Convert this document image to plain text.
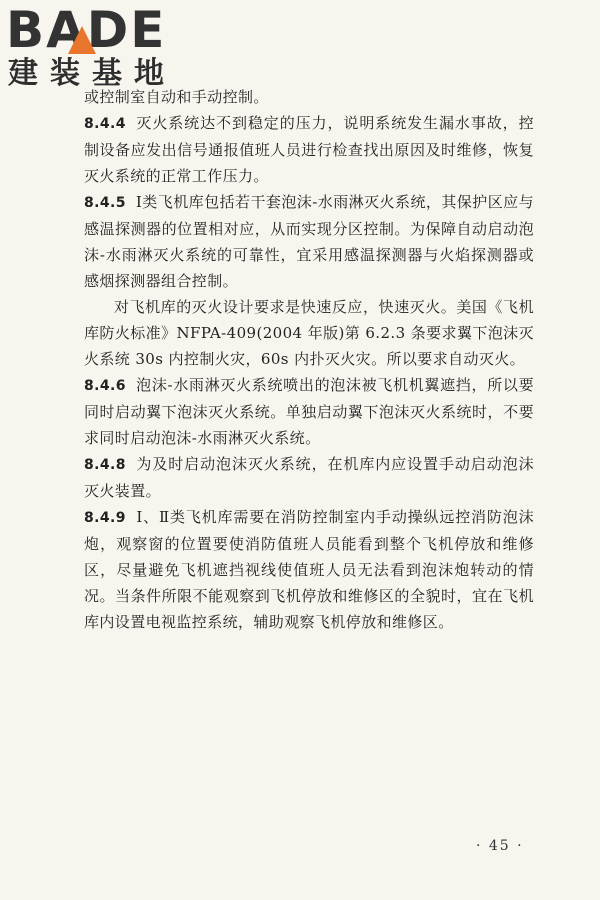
BADE
建装基地

或控制室自动和手动控制。

8.4.4 灭火系统达不到稳定的压力，说明系统发生漏水事故，控制设备应发出信号通报值班人员进行检查找出原因及时维修，恢复灭火系统的正常工作压力。

8.4.5 Ⅰ类飞机库包括若干套泡沫-水雨淋灭火系统，其保护区应与感温探测器的位置相对应，从而实现分区控制。为保障自动启动泡沫-水雨淋灭火系统的可靠性，宜采用感温探测器与火焰探测器或感烟探测器组合控制。

对飞机库的灭火设计要求是快速反应，快速灭火。美国《飞机库防火标准》NFPA-409(2004 年版)第 6.2.3 条要求翼下泡沫灭火系统 30s 内控制火灾，60s 内扑灭火灾。所以要求自动灭火。

8.4.6 泡沫-水雨淋灭火系统喷出的泡沫被飞机机翼遮挡，所以要同时启动翼下泡沫灭火系统。单独启动翼下泡沫灭火系统时，不要求同时启动泡沫-水雨淋灭火系统。

8.4.8 为及时启动泡沫灭火系统，在机库内应设置手动启动泡沫灭火装置。

8.4.9 Ⅰ、Ⅱ类飞机库需要在消防控制室内手动操纵远控消防泡沫炮，观察窗的位置要使消防值班人员能看到整个飞机停放和维修区，尽量避免飞机遮挡视线使值班人员无法看到泡沫炮转动的情况。当条件所限不能观察到飞机停放和维修区的全貌时，宜在飞机库内设置电视监控系统，辅助观察飞机停放和维修区。

· 45 ·
